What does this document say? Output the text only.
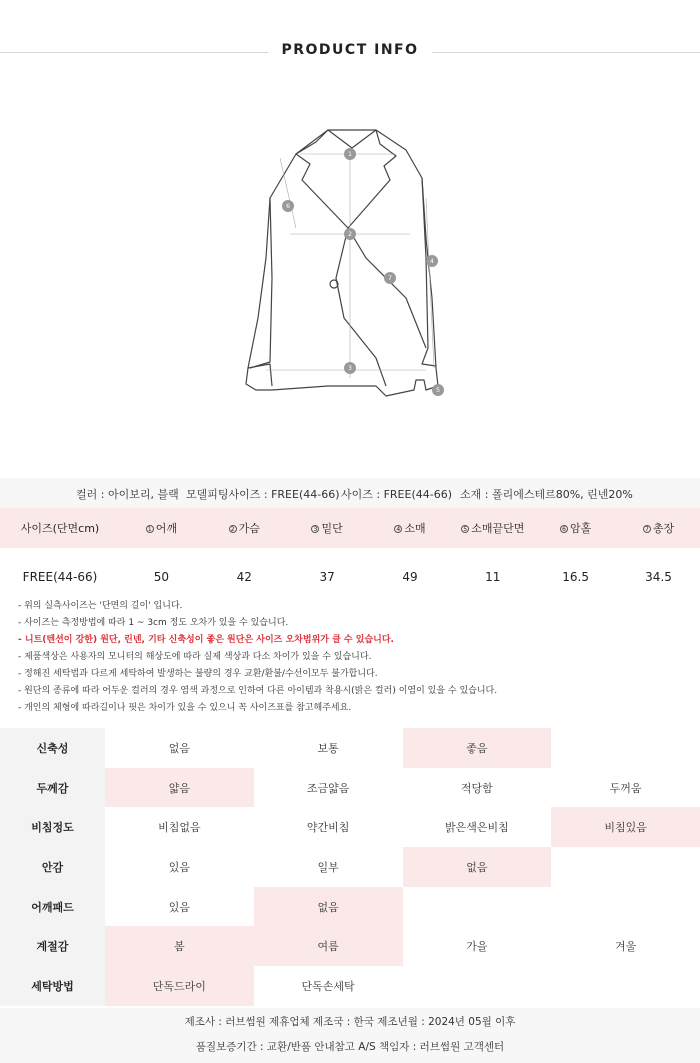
PRODUCT INFO
1
2
3
4
5
6
7
컬러 : 아이보리, 블랙 모델피팅사이즈 : FREE(44-66) 사이즈 : FREE(44-66) 소재 : 폴리에스테르80%, 린넨20%
사이즈(단면cm)	1 어깨	2 가슴	3 밑단	4 소매	5 소매끝단면	6 암홀	7 총장
FREE(44-66)	50	42	37	49	11	16.5	34.5
- 위의 실측사이즈는 '단면의 길이' 입니다.
- 사이즈는 측정방법에 따라 1 ~ 3cm 정도 오차가 있을 수 있습니다.
- 니트(텐션이 강한) 원단, 린넨, 기타 신축성이 좋은 원단은 사이즈 오차범위가 클 수 있습니다.
- 제품색상은 사용자의 모니터의 해상도에 따라 실제 색상과 다소 차이가 있을 수 있습니다.
- 정해진 세탁법과 다르게 세탁하여 발생하는 불량의 경우 교환/환불/수선이모두 불가합니다.
- 원단의 종류에 따라 어두운 컬러의 경우 염색 과정으로 인하여 다른 아이템과 착용시(밝은 컬러) 이염이 있을 수 있습니다.
- 개인의 체형에 따라길이나 핏은 차이가 있을 수 있으니 꼭 사이즈표를 참고해주세요.
신축성	없음	보통	좋음	
두께감	얇음	조금얇음	적당함	두꺼움
비침정도	비침없음	약간비침	밝은색은비침	비침있음
안감	있음	일부	없음	
어깨패드	있음	없음		
계절감	봄	여름	가을	겨울
세탁방법	단독드라이	단독손세탁		
제조사 : 러브썸원 제휴업체 제조국 : 한국 제조년월 : 2024년 05월 이후
품질보증기간 : 교환/반품 안내참고 A/S 책임자 : 러브썸원 고객센터
